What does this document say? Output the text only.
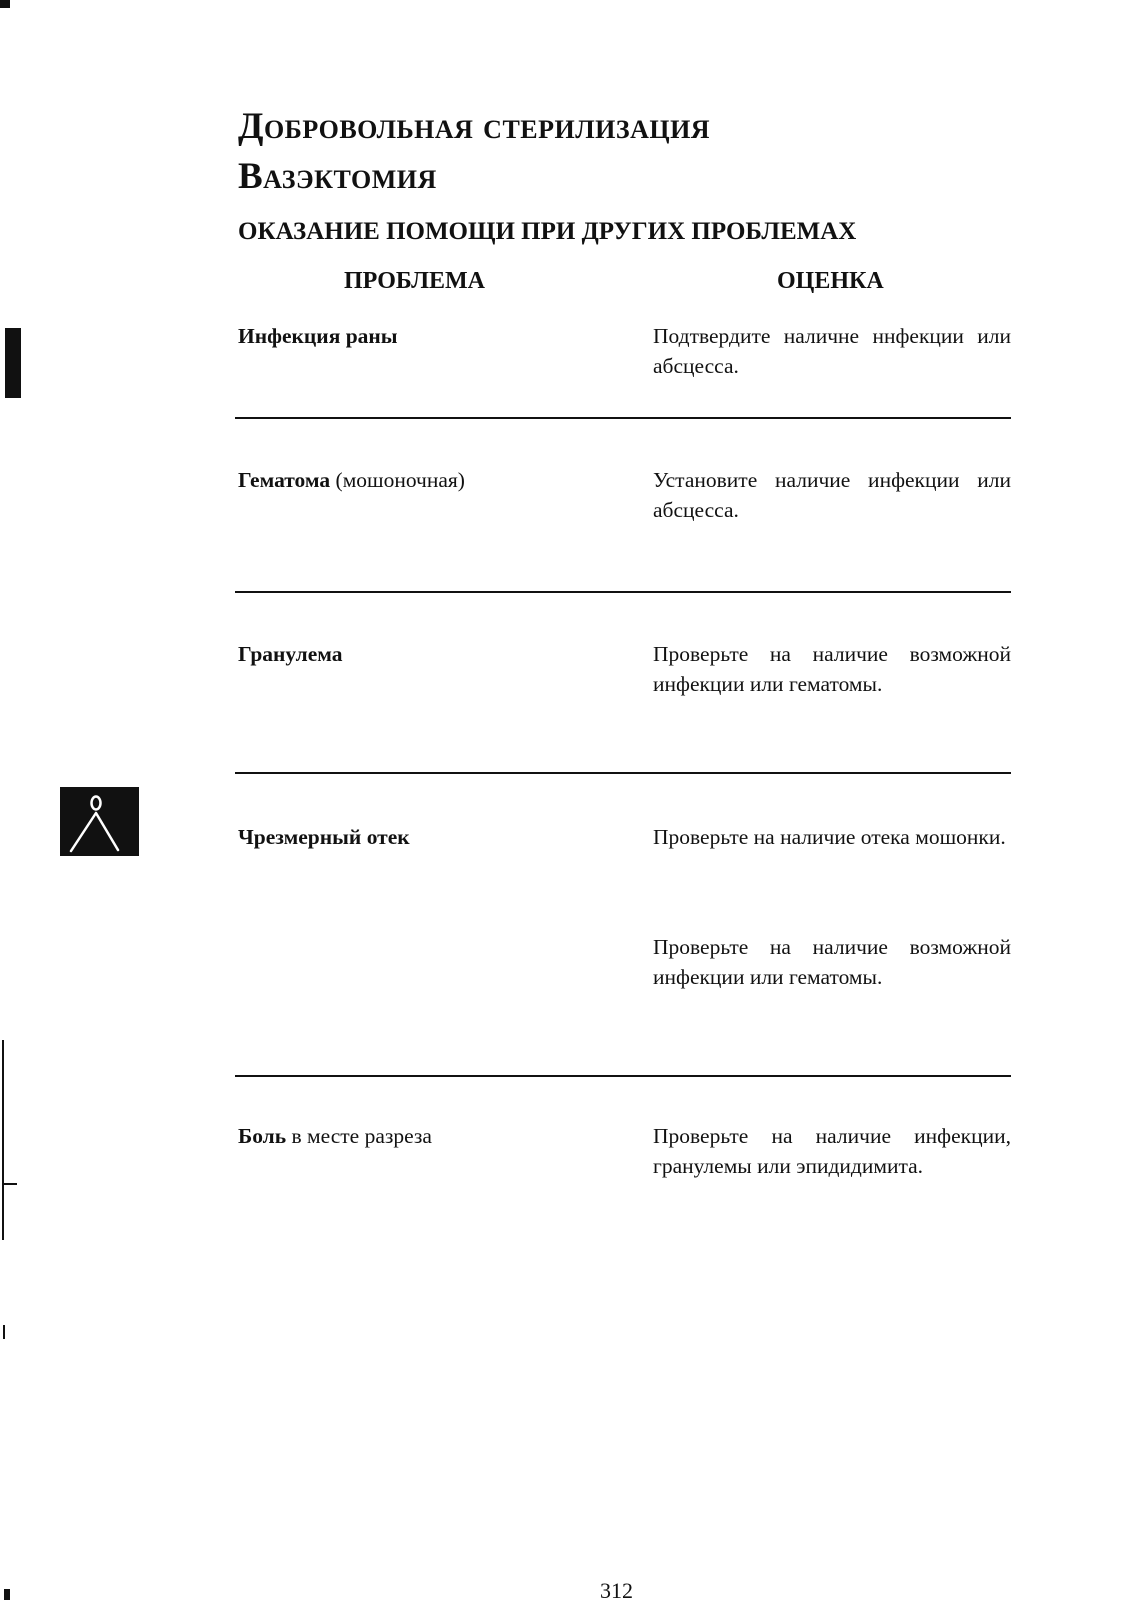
Добровольная стерилизация
Вазэктомия
ОКАЗАНИЕ ПОМОЩИ ПРИ ДРУГИХ ПРОБЛЕМАХ
ПРОБЛЕМА	ОЦЕНКА
Инфекция раны	Подтвердите наличне ннфекции или абсцесса.
Гематома (мошоночная)	Установите наличие инфекции или абсцесса.
Гранулема	Проверьте на наличие возможной инфекции или гематомы.
Чрезмерный отек	Проверьте на наличие отека мошонки.
Проверьте на наличие возможной инфекции или гематомы.
Боль в месте разреза	Проверьте на наличие инфекции, гранулемы или эпидидимита.
312
